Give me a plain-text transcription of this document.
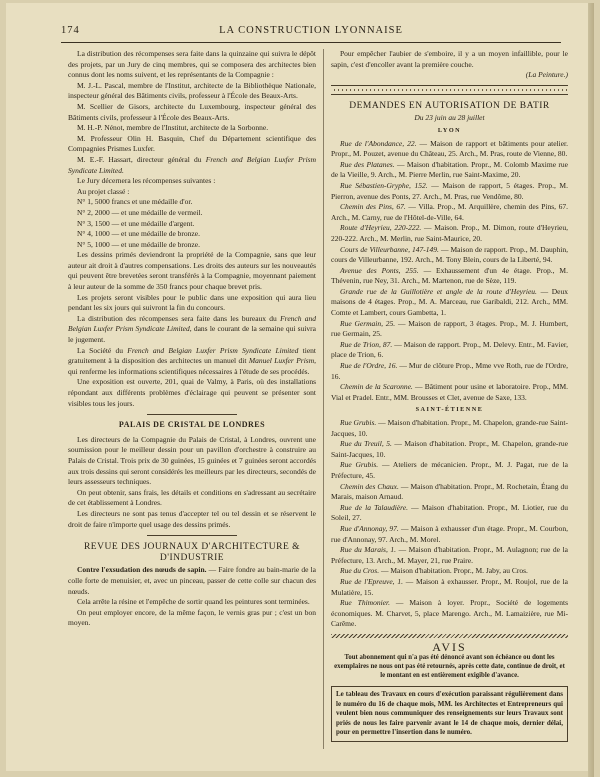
174	LA CONSTRUCTION LYONNAISE

La distribution des récompenses sera faite dans la quinzaine qui suivra le dépôt des projets, par un Jury de cinq membres, qui se composera des architectes bien connus dont les noms suivent, et les représentants de la Compagnie :

M. J.-L. Pascal, membre de l'Institut, architecte de la Bibliothèque Nationale, inspecteur général des Bâtiments civils, professeur à l'École des Beaux-Arts.

M. Scellier de Gisors, architecte du Luxembourg, inspecteur général des Bâtiments civils, professeur à l'École des Beaux-Arts.

M. H.-P. Nénot, membre de l'Institut, architecte de la Sorbonne.

M. Professeur Olin H. Basquin, Chef du Département scientifique des Compagnies Prismes Luxfer.

M. E.-F. Hassart, directeur général du French and Belgian Luxfer Prism Syndicate Limited.

Le Jury décernera les récompenses suivantes :

Au projet classé :

N° 1, 5000 francs et une médaille d'or.

N° 2, 2000 — et une médaille de vermeil.

N° 3, 1500 — et une médaille d'argent.

N° 4, 1000 — et une médaille de bronze.

N° 5, 1000 — et une médaille de bronze.

Les dessins primés deviendront la propriété de la Compagnie, sans que leur auteur ait droit à d'autres compensations. Les droits des auteurs sur les nouveautés qui peuvent être brevetées seront transférés à la Compagnie, moyennant paiement à leur auteur de la somme de 350 francs pour chaque brevet pris.

Les projets seront visibles pour le public dans une exposition qui aura lieu pendant les six jours qui suivront la fin du concours.

La distribution des récompenses sera faite dans les bureaux du French and Belgian Luxfer Prism Syndicate Limited, dans le courant de la semaine qui suivra le jugement.

La Société du French and Belgian Luxfer Prism Syndicate Limited tient gratuitement à la disposition des architectes un manuel dit Manuel Luxfer Prism, qui renferme les informations scientifiques nécessaires à l'étude de ses procédés.

Une exposition est ouverte, 201, quai de Valmy, à Paris, où des installations répondant aux différents problèmes d'éclairage qui peuvent se présenter sont visibles tous les jours.

PALAIS DE CRISTAL DE LONDRES

Les directeurs de la Compagnie du Palais de Cristal, à Londres, ouvrent une soumission pour le meilleur dessin pour un pavillon d'orchestre à construire au Palais de Cristal. Trois prix de 30 guinées, 15 guinées et 7 guinées seront accordés aux trois dessins qui seront considérés les meilleurs par les directeurs, secondés de leurs assesseurs techniques.

On peut obtenir, sans frais, les détails et conditions en s'adressant au secrétaire de cet établissement à Londres.

Les directeurs ne sont pas tenus d'accepter tel ou tel dessin et se réservent le droit de faire n'importe quel usage des dessins primés.

REVUE DES JOURNAUX D'ARCHITECTURE & D'INDUSTRIE

Contre l'exsudation des nœuds de sapin. — Faire fondre au bain-marie de la colle forte de menuisier, et, avec un pinceau, passer de cette colle sur chacun des nœuds.

Cela arrête la résine et l'empêche de sortir quand les peintures sont terminées.

On peut employer encore, de la même façon, le vernis gras pur ; c'est un bon moyen.

Pour empêcher l'aubier de s'emboire, il y a un moyen infaillible, pour le sapin, c'est d'encoller avant la première couche.

(La Peinture.)

DEMANDES EN AUTORISATION DE BATIR
Du 23 juin au 28 juillet
LYON

Rue de l'Abondance, 22. — Maison de rapport et bâtiments pour atelier. Propr., M. Pouzet, avenue du Château, 25. Arch., M. Pras, route de Vienne, 80.

Rue des Platanes. — Maison d'habitation. Propr., M. Colomb Maxime rue de la Vieille, 9. Arch., M. Pierre Merlin, rue Saint-Maxime, 20.

Rue Sébastien-Gryphe, 152. — Maison de rapport, 5 étages. Prop., M. Pierron, avenue des Ponts, 27. Arch., M. Pras, rue Vendôme, 80.

Chemin des Pins, 67. — Villa. Prop., M. Arquillère, chemin des Pins, 67. Arch., M. Carny, rue de l'Hôtel-de-Ville, 64.

Route d'Heyrieu, 220-222. — Maison. Prop., M. Dimon, route d'Heyrieu, 220-222. Arch., M. Merlin, rue Saint-Maurice, 20.

Cours de Villeurbanne, 147-149. — Maison de rapport. Prop., M. Dauphin, cours de Villeurbanne, 192. Arch., M. Tony Blein, cours de la Liberté, 94.

Avenue des Ponts, 255. — Exhaussement d'un 4e étage. Prop., M. Thévenin, rue Ney, 31. Arch., M. Martenon, rue de Sèze, 119.

Grande rue de la Guillotière et angle de la route d'Heyrieu. — Deux maisons de 4 étages. Prop., M. A. Marceau, rue Garibaldi, 212. Arch., MM. Comte et Lambert, cours Gambetta, 1.

Rue Germain, 25. — Maison de rapport, 3 étages. Prop., M. J. Humbert, rue Germain, 25.

Rue de Trion, 87. — Maison de rapport. Prop., M. Delevy. Entr., M. Favier, place de Trion, 6.

Rue de l'Ordre, 16. — Mur de clôture Prop., Mme vve Roth, rue de l'Ordre, 16.

Chemin de la Scaronne. — Bâtiment pour usine et laboratoire. Prop., MM. Vial et Pradel. Entr., MM. Brousses et Clet, avenue de Saxe, 133.

SAINT-ÉTIENNE

Rue Grubis. — Maison d'habitation. Propr., M. Chapelon, grande-rue Saint-Jacques, 10.

Rue du Treuil, 5. — Maison d'habitation. Propr., M. Chapelon, grande-rue Saint-Jacques, 10.

Rue Grubis. — Ateliers de mécanicien. Propr., M. J. Pagat, rue de la Préfecture, 45.

Chemin des Chaux. — Maison d'habitation. Propr., M. Rochetain, Étang du Marais, maison Arnaud.

Rue de la Talaudière. — Maison d'habitation. Propr., M. Liotier, rue du Soleil, 27.

Rue d'Annonay, 97. — Maison à exhausser d'un étage. Propr., M. Courbon, rue d'Annonay, 97. Arch., M. Morel.

Rue du Marais, 1. — Maison d'habitation. Propr., M. Aulagnon; rue de la Préfecture, 13. Arch., M. Mayer, 21, rue Praire.

Rue du Cros. — Maison d'habitation. Propr., M. Jaby, au Cros.

Rue de l'Epreuve, 1. — Maison à exhausser. Propr., M. Roujol, rue de la Mulatière, 15.

Rue Thimonier. — Maison à loyer. Propr., Société de logements économiques. M. Charvet, 5, place Marengo. Arch., M. Lamaizière, rue Mi-Carême.

AVIS

Tout abonnement qui n'a pas été dénoncé avant son échéance ou dont les exemplaires ne nous ont pas été retournés, après cette date, continue de droit, et le montant en est entièrement exigible d'avance.

Le tableau des Travaux en cours d'exécution paraissant régulièrement dans le numéro du 16 de chaque mois, MM. les Architectes et Entrepreneurs qui veulent bien nous communiquer des renseignements sur leurs Travaux sont priés de nous les faire parvenir avant le 14 de chaque mois, dernier délai, pour en permettre l'insertion dans le numéro.
